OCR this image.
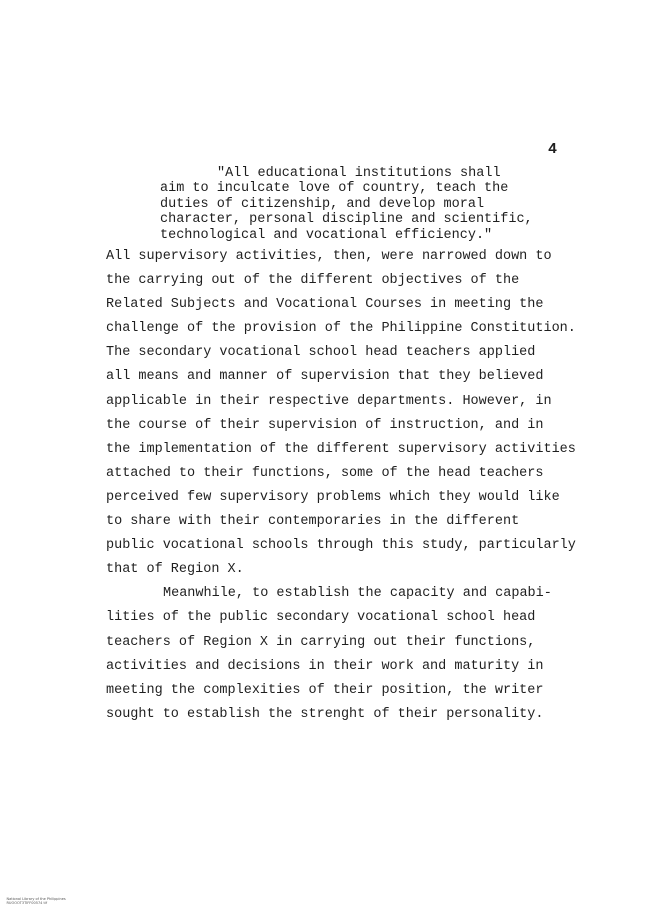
4
"All educational institutions shall
aim to inculcate love of country, teach the
duties of citizenship, and develop moral
character, personal discipline and scientific,
technological and vocational efficiency."
All supervisory activities, then, were narrowed down to
the carrying out of the different objectives of the
Related Subjects and Vocational Courses in meeting the
challenge of the provision of the Philippine Constitution.
The secondary vocational school head teachers applied
all means and manner of supervision that they believed
applicable in their respective departments. However, in
the course of their supervision of instruction, and in
the implementation of the different supervisory activities
attached to their functions, some of the head teachers
perceived few supervisory problems which they would like
to share with their contemporaries in the different
public vocational schools through this study, particularly
that of Region X.
Meanwhile, to establish the capacity and capabi-
lities of the public secondary vocational school head
teachers of Region X in carrying out their functions,
activities and decisions in their work and maturity in
meeting the complexities of their position, the writer
sought to establish the strenght of their personality.

National Library of the Philippines
RUOOOT3TIFF00574 tif
